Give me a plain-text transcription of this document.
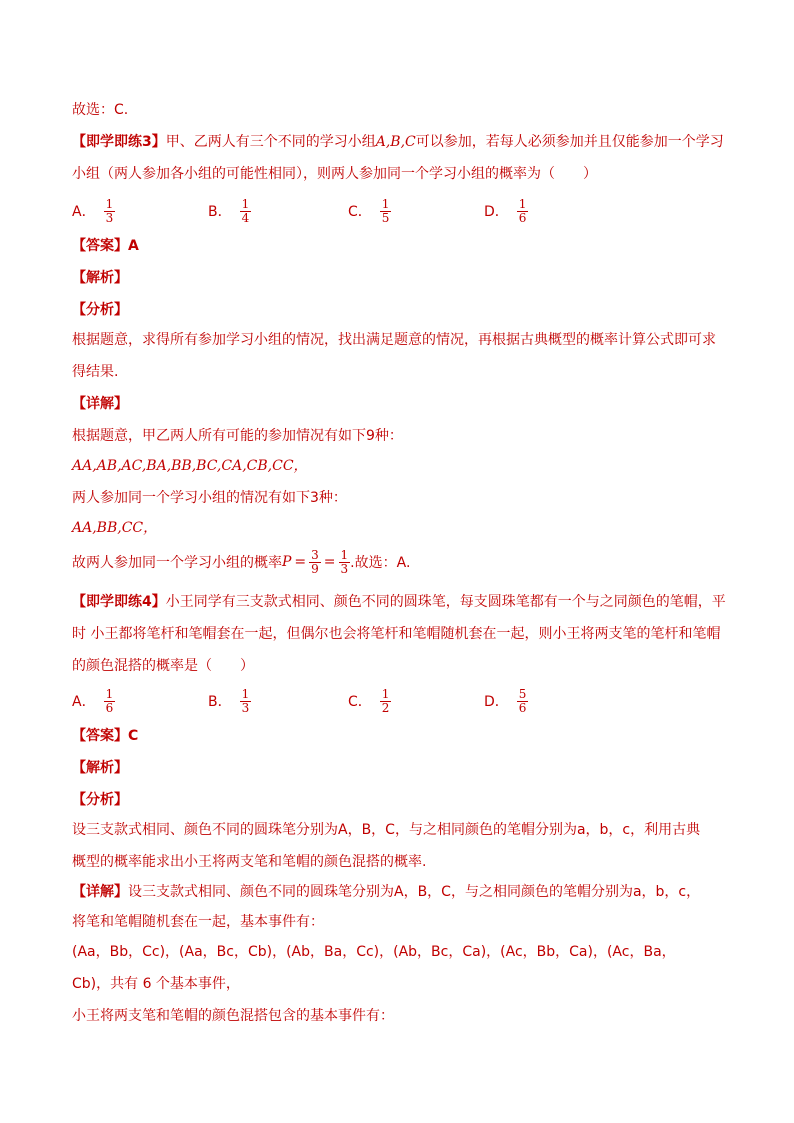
故选：C.
【即学即练3】甲、乙两人有三个不同的学习小组A,B,C可以参加，若每人必须参加并且仅能参加一个学习
小组（两人参加各小组的可能性相同），则两人参加同一个学习小组的概率为（　　）
A． $\frac{1}{3}$	B． $\frac{1}{4}$	C． $\frac{1}{5}$	D． $\frac{1}{6}$
【答案】A
【解析】
【分析】
根据题意，求得所有参加学习小组的情况，找出满足题意的情况，再根据古典概型的概率计算公式即可求
得结果.
【详解】
根据题意，甲乙两人所有可能的参加情况有如下9种：
AA,AB,AC,BA,BB,BC,CA,CB,CC，
两人参加同一个学习小组的情况有如下3种：
AA,BB,CC，
故两人参加同一个学习小组的概率 $P = \frac{3}{9} = \frac{1}{3}$ .故选：A.
【即学即练4】小王同学有三支款式相同、颜色不同的圆珠笔，每支圆珠笔都有一个与之同颜色的笔帽，平
时 小王都将笔杆和笔帽套在一起，但偶尔也会将笔杆和笔帽随机套在一起，则小王将两支笔的笔杆和笔帽
的颜色混搭的概率是（　　）
A． $\frac{1}{6}$	B． $\frac{1}{3}$	C． $\frac{1}{2}$	D． $\frac{5}{6}$
【答案】C
【解析】
【分析】
设三支款式相同、颜色不同的圆珠笔分别为A，B，C，与之相同颜色的笔帽分别为a，b，c，利用古典
概型的概率能求出小王将两支笔和笔帽的颜色混搭的概率.
【详解】设三支款式相同、颜色不同的圆珠笔分别为A，B，C，与之相同颜色的笔帽分别为a，b，c，
将笔和笔帽随机套在一起，基本事件有：
(Aa，Bb，Cc)，(Aa，Bc，Cb)，(Ab，Ba，Cc)，(Ab，Bc，Ca)，(Ac，Bb，Ca)，(Ac，Ba，
Cb)，共有 6 个基本事件，
小王将两支笔和笔帽的颜色混搭包含的基本事件有：
